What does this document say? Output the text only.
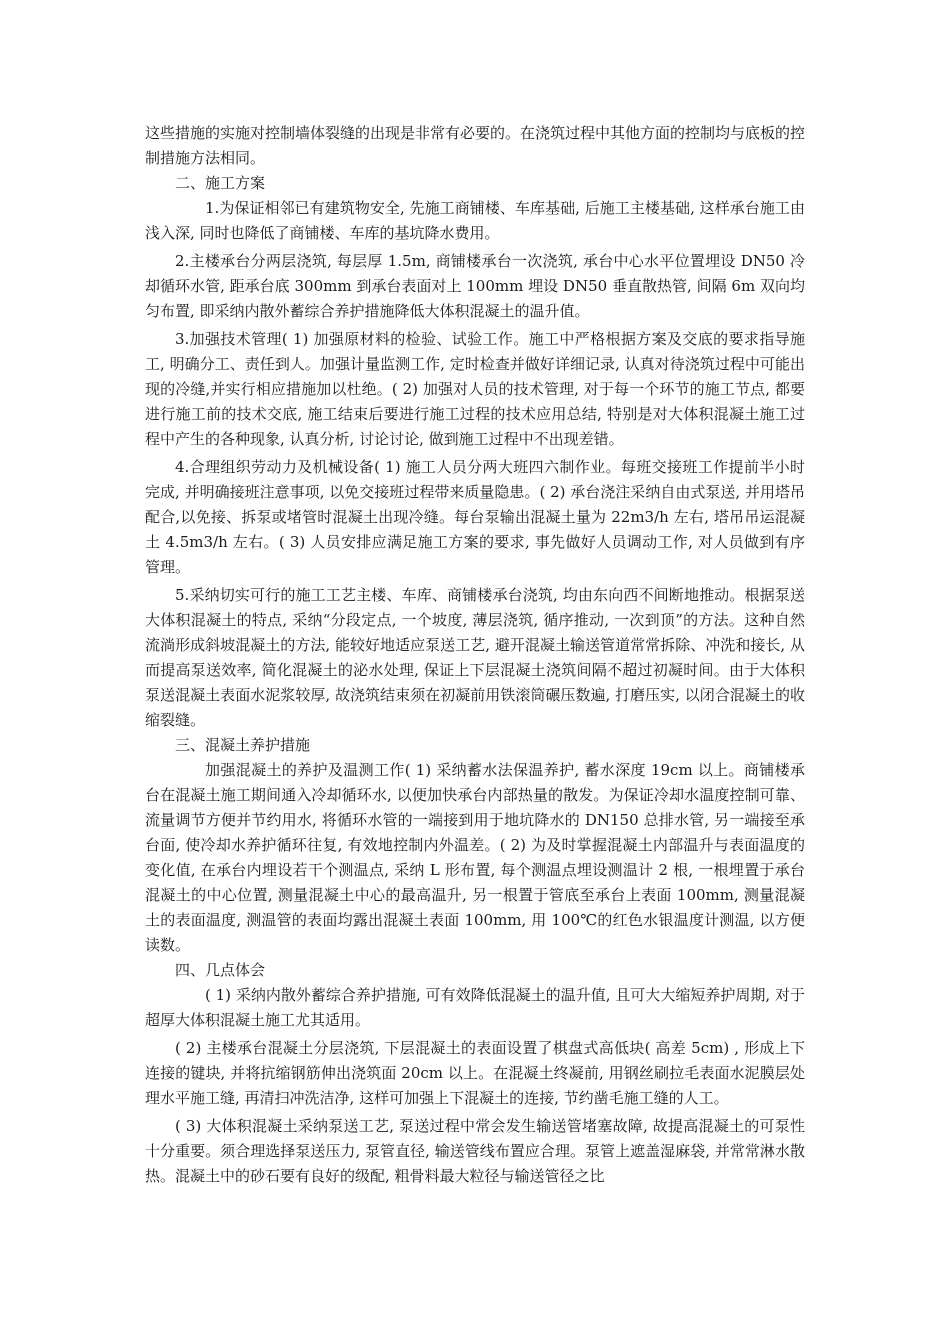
这些措施的实施对控制墙体裂缝的出现是非常有必要的。在浇筑过程中其他方面的控制均与底板的控制措施方法相同。

二、施工方案

1.为保证相邻已有建筑物安全, 先施工商铺楼、车库基础, 后施工主楼基础, 这样承台施工由浅入深, 同时也降低了商铺楼、车库的基坑降水费用。

2.主楼承台分两层浇筑, 每层厚 1.5m, 商铺楼承台一次浇筑, 承台中心水平位置埋设 DN50 冷却循环水管, 距承台底 300mm 到承台表面对上 100mm 埋设 DN50 垂直散热管, 间隔 6m 双向均匀布置, 即采纳内散外蓄综合养护措施降低大体积混凝土的温升值。

3.加强技术管理( 1) 加强原材料的检验、试验工作。施工中严格根据方案及交底的要求指导施工, 明确分工、责任到人。加强计量监测工作, 定时检查并做好详细记录, 认真对待浇筑过程中可能出现的冷缝,并实行相应措施加以杜绝。( 2) 加强对人员的技术管理, 对于每一个环节的施工节点, 都要进行施工前的技术交底, 施工结束后要进行施工过程的技术应用总结, 特别是对大体积混凝土施工过程中产生的各种现象, 认真分析, 讨论讨论, 做到施工过程中不出现差错。

4.合理组织劳动力及机械设备( 1) 施工人员分两大班四六制作业。每班交接班工作提前半小时完成, 并明确接班注意事项, 以免交接班过程带来质量隐患。( 2) 承台浇注采纳自由式泵送, 并用塔吊配合,以免接、拆泵或堵管时混凝土出现冷缝。每台泵输出混凝土量为 22m3/h 左右, 塔吊吊运混凝土 4.5m3/h 左右。( 3) 人员安排应满足施工方案的要求, 事先做好人员调动工作, 对人员做到有序管理。

5.采纳切实可行的施工工艺主楼、车库、商铺楼承台浇筑, 均由东向西不间断地推动。根据泵送大体积混凝土的特点, 采纳“分段定点, 一个坡度, 薄层浇筑, 循序推动, 一次到顶”的方法。这种自然流淌形成斜坡混凝土的方法, 能较好地适应泵送工艺, 避开混凝土输送管道常常拆除、冲洗和接长, 从而提高泵送效率, 简化混凝土的泌水处理, 保证上下层混凝土浇筑间隔不超过初凝时间。由于大体积泵送混凝土表面水泥浆较厚, 故浇筑结束须在初凝前用铁滚筒碾压数遍, 打磨压实, 以闭合混凝土的收缩裂缝。

三、混凝土养护措施

加强混凝土的养护及温测工作( 1) 采纳蓄水法保温养护, 蓄水深度 19cm 以上。商铺楼承台在混凝土施工期间通入冷却循环水, 以便加快承台内部热量的散发。为保证冷却水温度控制可靠、流量调节方便并节约用水, 将循环水管的一端接到用于地坑降水的 DN150 总排水管, 另一端接至承台面, 使冷却水养护循环往复, 有效地控制内外温差。( 2) 为及时掌握混凝土内部温升与表面温度的变化值, 在承台内埋设若干个测温点, 采纳 L 形布置, 每个测温点埋设测温计 2 根, 一根埋置于承台混凝土的中心位置, 测量混凝土中心的最高温升, 另一根置于管底至承台上表面 100mm, 测量混凝土的表面温度, 测温管的表面均露出混凝土表面 100mm, 用 100℃的红色水银温度计测温, 以方便读数。

四、几点体会

( 1) 采纳内散外蓄综合养护措施, 可有效降低混凝土的温升值, 且可大大缩短养护周期, 对于超厚大体积混凝土施工尤其适用。

( 2) 主楼承台混凝土分层浇筑, 下层混凝土的表面设置了棋盘式高低块( 高差 5cm) , 形成上下连接的键块, 并将抗缩钢筋伸出浇筑面 20cm 以上。在混凝土终凝前, 用钢丝刷拉毛表面水泥膜层处理水平施工缝, 再清扫冲洗洁净, 这样可加强上下混凝土的连接, 节约凿毛施工缝的人工。

( 3) 大体积混凝土采纳泵送工艺, 泵送过程中常会发生输送管堵塞故障, 故提高混凝土的可泵性十分重要。须合理选择泵送压力, 泵管直径, 输送管线布置应合理。泵管上遮盖湿麻袋, 并常常淋水散热。混凝土中的砂石要有良好的级配, 粗骨料最大粒径与输送管径之比
